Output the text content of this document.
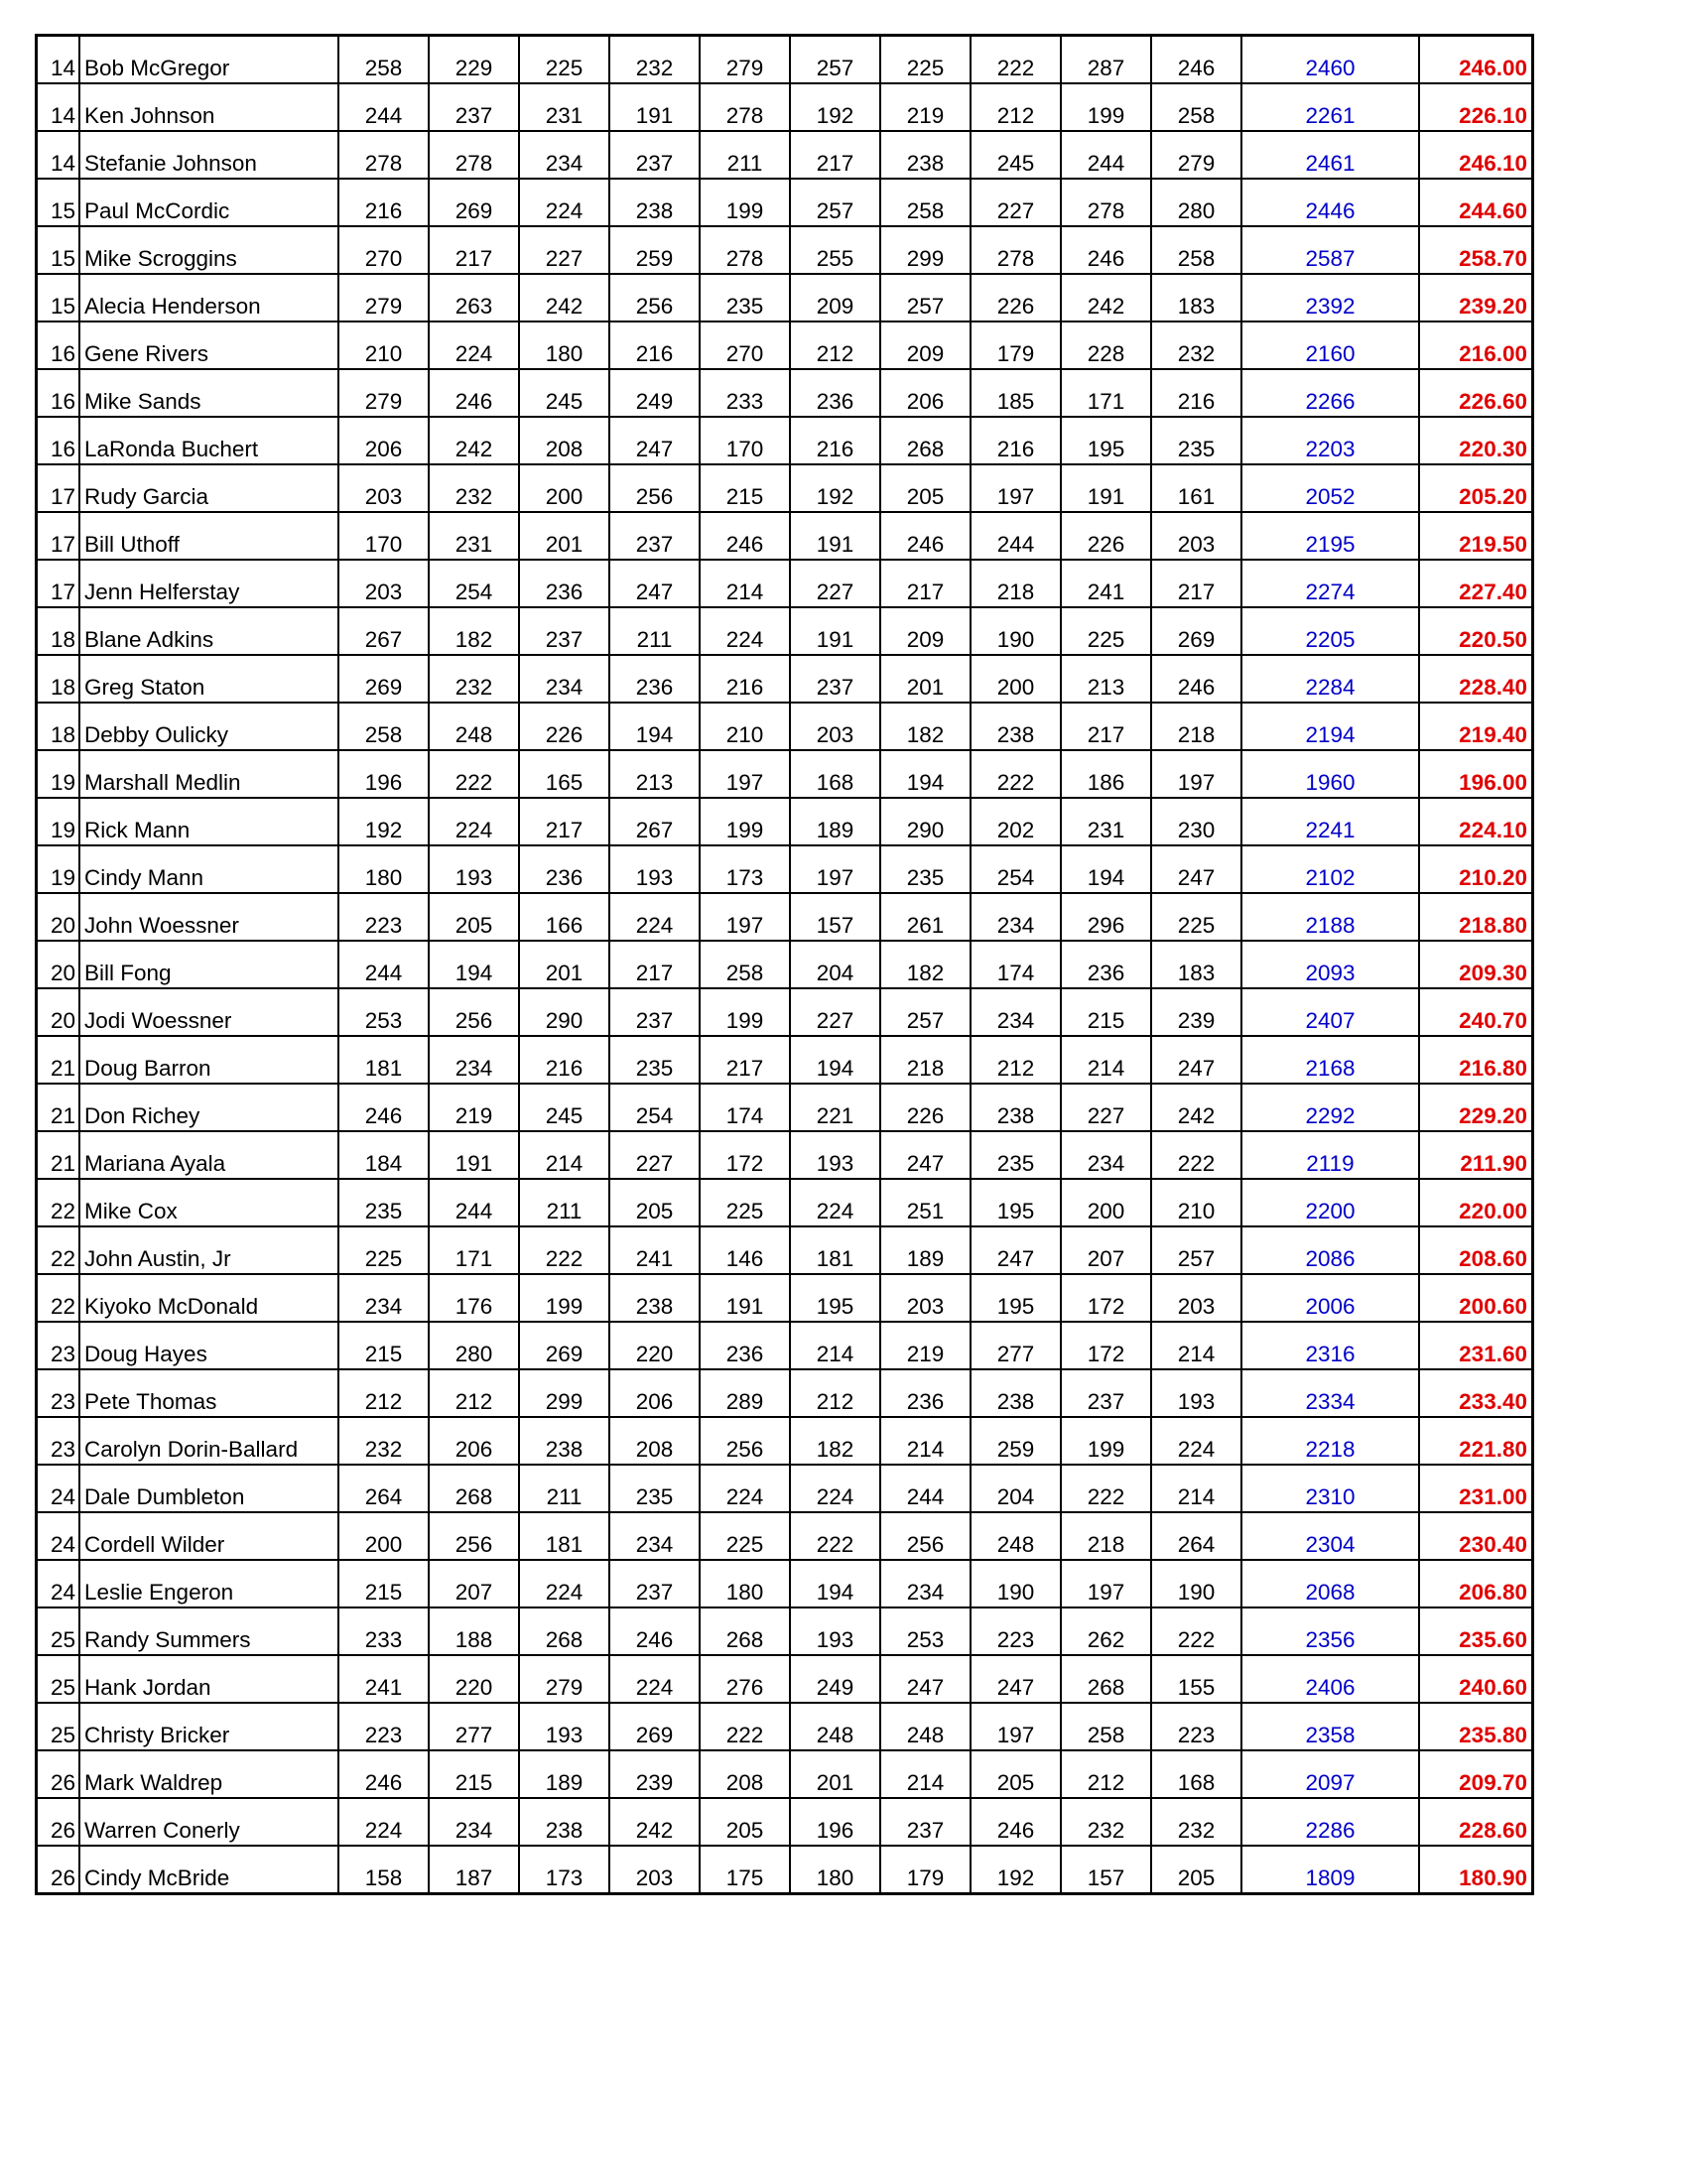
14	Bob McGregor	258	229	225	232	279	257	225	222	287	246	2460	246.00
14	Ken Johnson	244	237	231	191	278	192	219	212	199	258	2261	226.10
14	Stefanie Johnson	278	278	234	237	211	217	238	245	244	279	2461	246.10
15	Paul McCordic	216	269	224	238	199	257	258	227	278	280	2446	244.60
15	Mike Scroggins	270	217	227	259	278	255	299	278	246	258	2587	258.70
15	Alecia Henderson	279	263	242	256	235	209	257	226	242	183	2392	239.20
16	Gene Rivers	210	224	180	216	270	212	209	179	228	232	2160	216.00
16	Mike Sands	279	246	245	249	233	236	206	185	171	216	2266	226.60
16	LaRonda Buchert	206	242	208	247	170	216	268	216	195	235	2203	220.30
17	Rudy Garcia	203	232	200	256	215	192	205	197	191	161	2052	205.20
17	Bill Uthoff	170	231	201	237	246	191	246	244	226	203	2195	219.50
17	Jenn Helferstay	203	254	236	247	214	227	217	218	241	217	2274	227.40
18	Blane Adkins	267	182	237	211	224	191	209	190	225	269	2205	220.50
18	Greg Staton	269	232	234	236	216	237	201	200	213	246	2284	228.40
18	Debby Oulicky	258	248	226	194	210	203	182	238	217	218	2194	219.40
19	Marshall Medlin	196	222	165	213	197	168	194	222	186	197	1960	196.00
19	Rick Mann	192	224	217	267	199	189	290	202	231	230	2241	224.10
19	Cindy Mann	180	193	236	193	173	197	235	254	194	247	2102	210.20
20	John Woessner	223	205	166	224	197	157	261	234	296	225	2188	218.80
20	Bill Fong	244	194	201	217	258	204	182	174	236	183	2093	209.30
20	Jodi Woessner	253	256	290	237	199	227	257	234	215	239	2407	240.70
21	Doug Barron	181	234	216	235	217	194	218	212	214	247	2168	216.80
21	Don Richey	246	219	245	254	174	221	226	238	227	242	2292	229.20
21	Mariana Ayala	184	191	214	227	172	193	247	235	234	222	2119	211.90
22	Mike Cox	235	244	211	205	225	224	251	195	200	210	2200	220.00
22	John Austin, Jr	225	171	222	241	146	181	189	247	207	257	2086	208.60
22	Kiyoko McDonald	234	176	199	238	191	195	203	195	172	203	2006	200.60
23	Doug Hayes	215	280	269	220	236	214	219	277	172	214	2316	231.60
23	Pete Thomas	212	212	299	206	289	212	236	238	237	193	2334	233.40
23	Carolyn Dorin-Ballard	232	206	238	208	256	182	214	259	199	224	2218	221.80
24	Dale Dumbleton	264	268	211	235	224	224	244	204	222	214	2310	231.00
24	Cordell Wilder	200	256	181	234	225	222	256	248	218	264	2304	230.40
24	Leslie Engeron	215	207	224	237	180	194	234	190	197	190	2068	206.80
25	Randy Summers	233	188	268	246	268	193	253	223	262	222	2356	235.60
25	Hank Jordan	241	220	279	224	276	249	247	247	268	155	2406	240.60
25	Christy Bricker	223	277	193	269	222	248	248	197	258	223	2358	235.80
26	Mark Waldrep	246	215	189	239	208	201	214	205	212	168	2097	209.70
26	Warren Conerly	224	234	238	242	205	196	237	246	232	232	2286	228.60
26	Cindy McBride	158	187	173	203	175	180	179	192	157	205	1809	180.90
